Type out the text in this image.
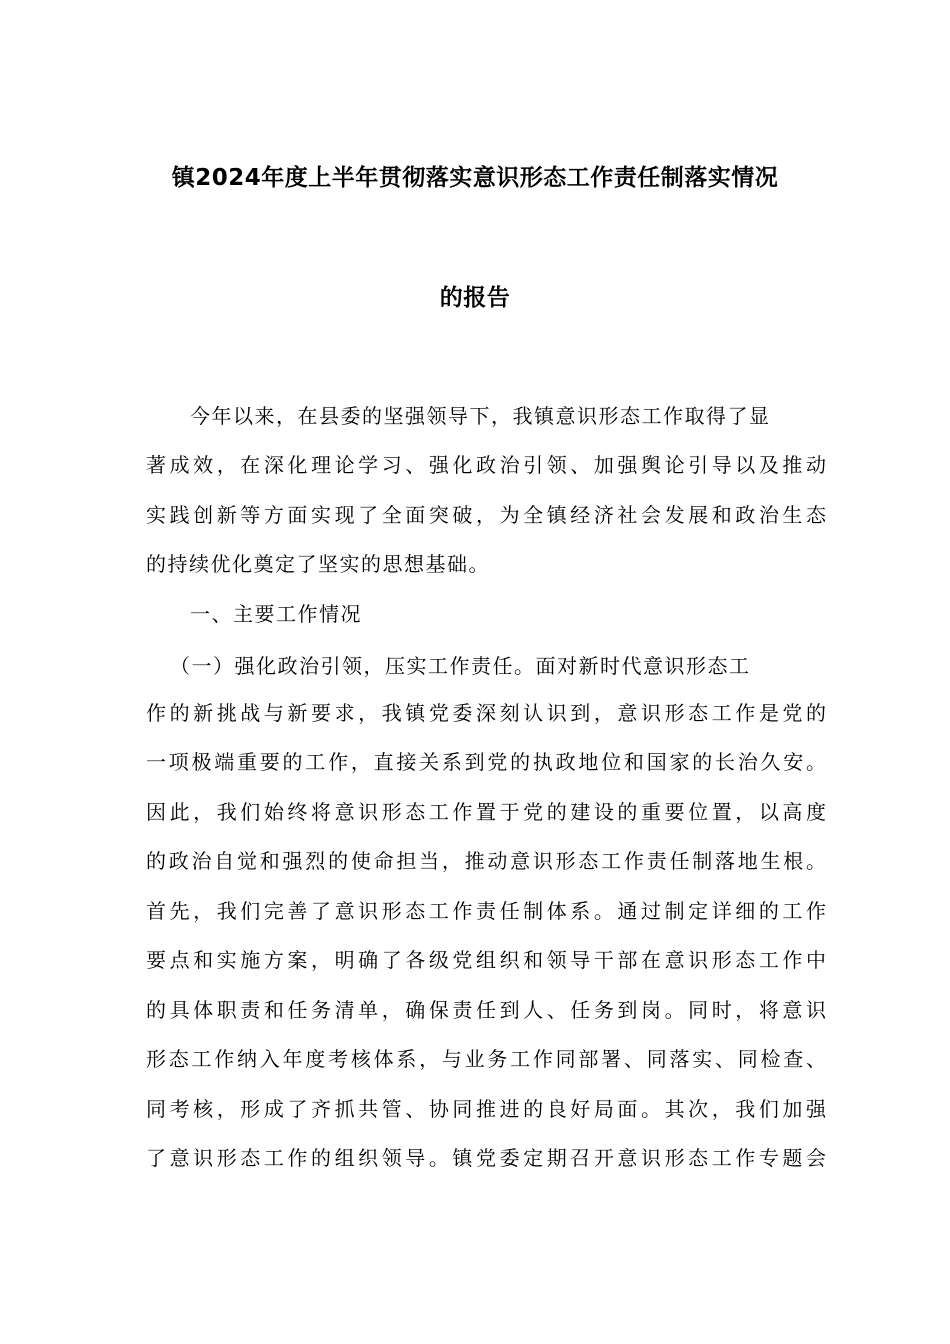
镇2024年度上半年贯彻落实意识形态工作责任制落实情况
的报告

今年以来，在县委的坚强领导下，我镇意识形态工作取得了显

著成效，在深化理论学习、强化政治引领、加强舆论引导以及推动

实践创新等方面实现了全面突破，为全镇经济社会发展和政治生态

的持续优化奠定了坚实的思想基础。

一、主要工作情况

（一）强化政治引领，压实工作责任。面对新时代意识形态工

作的新挑战与新要求，我镇党委深刻认识到，意识形态工作是党的

一项极端重要的工作，直接关系到党的执政地位和国家的长治久安。

因此，我们始终将意识形态工作置于党的建设的重要位置，以高度

的政治自觉和强烈的使命担当，推动意识形态工作责任制落地生根。

首先，我们完善了意识形态工作责任制体系。通过制定详细的工作

要点和实施方案，明确了各级党组织和领导干部在意识形态工作中

的具体职责和任务清单，确保责任到人、任务到岗。同时，将意识

形态工作纳入年度考核体系，与业务工作同部署、同落实、同检查、

同考核，形成了齐抓共管、协同推进的良好局面。其次，我们加强

了意识形态工作的组织领导。镇党委定期召开意识形态工作专题会
